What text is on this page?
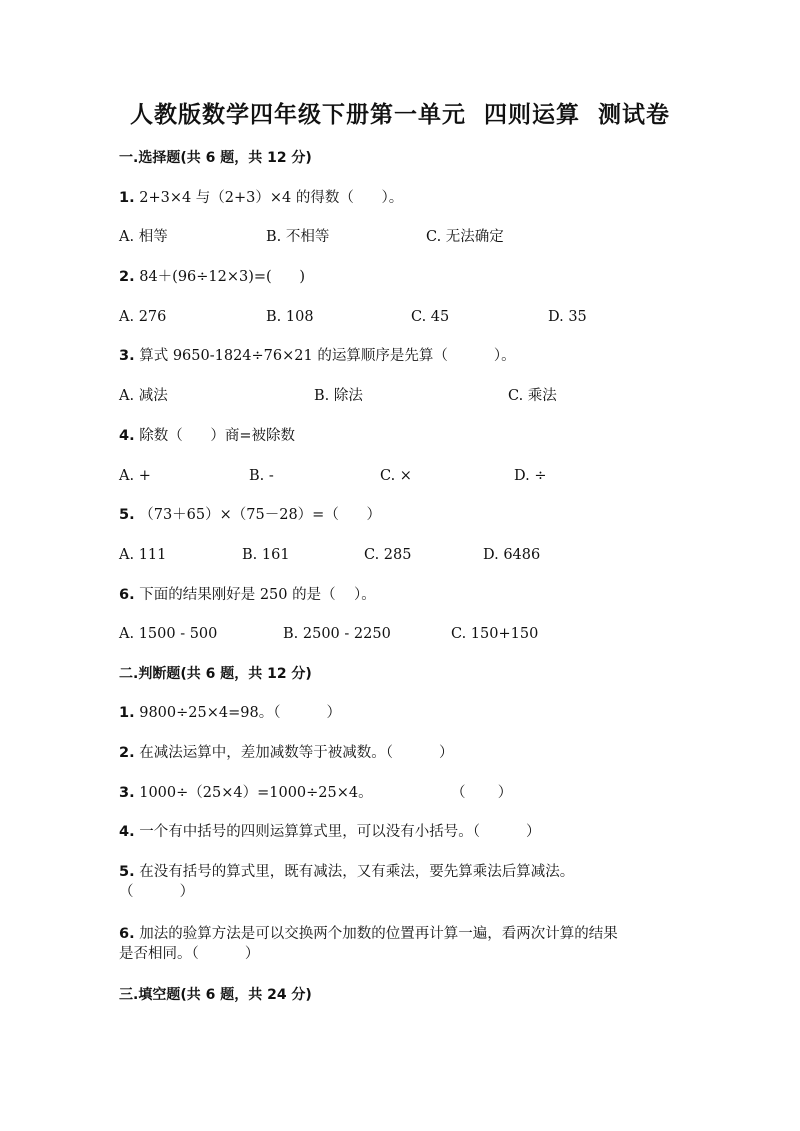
人教版数学四年级下册第一单元  四则运算  测试卷
一.选择题(共 6 题，共 12 分)
1. 2+3×4 与（2+3）×4 的得数（      ）。
A. 相等	B. 不相等	C. 无法确定
2. 84＋(96÷12×3)=(      )
A. 276	B. 108	C. 45	D. 35
3. 算式 9650-1824÷76×21 的运算顺序是先算（          ）。
A. 减法	B. 除法	C. 乘法
4. 除数（      ）商=被除数
A. +	B. -	C. ×	D. ÷
5. （73＋65）×（75－28）=（      ）
A. 111	B. 161	C. 285	D. 6486
6. 下面的结果刚好是 250 的是（    ）。
A. 1500 - 500	B. 2500 - 2250	C. 150+150
二.判断题(共 6 题，共 12 分)
1. 9800÷25×4=98。（          ）
2. 在减法运算中，差加减数等于被减数。（          ）
3. 1000÷（25×4）=1000÷25×4。                 （       ）
4. 一个有中括号的四则运算算式里，可以没有小括号。（          ）
5. 在没有括号的算式里，既有减法，又有乘法，要先算乘法后算减法。
（          ）
6. 加法的验算方法是可以交换两个加数的位置再计算一遍，看两次计算的结果
是否相同。（          ）
三.填空题(共 6 题，共 24 分)
